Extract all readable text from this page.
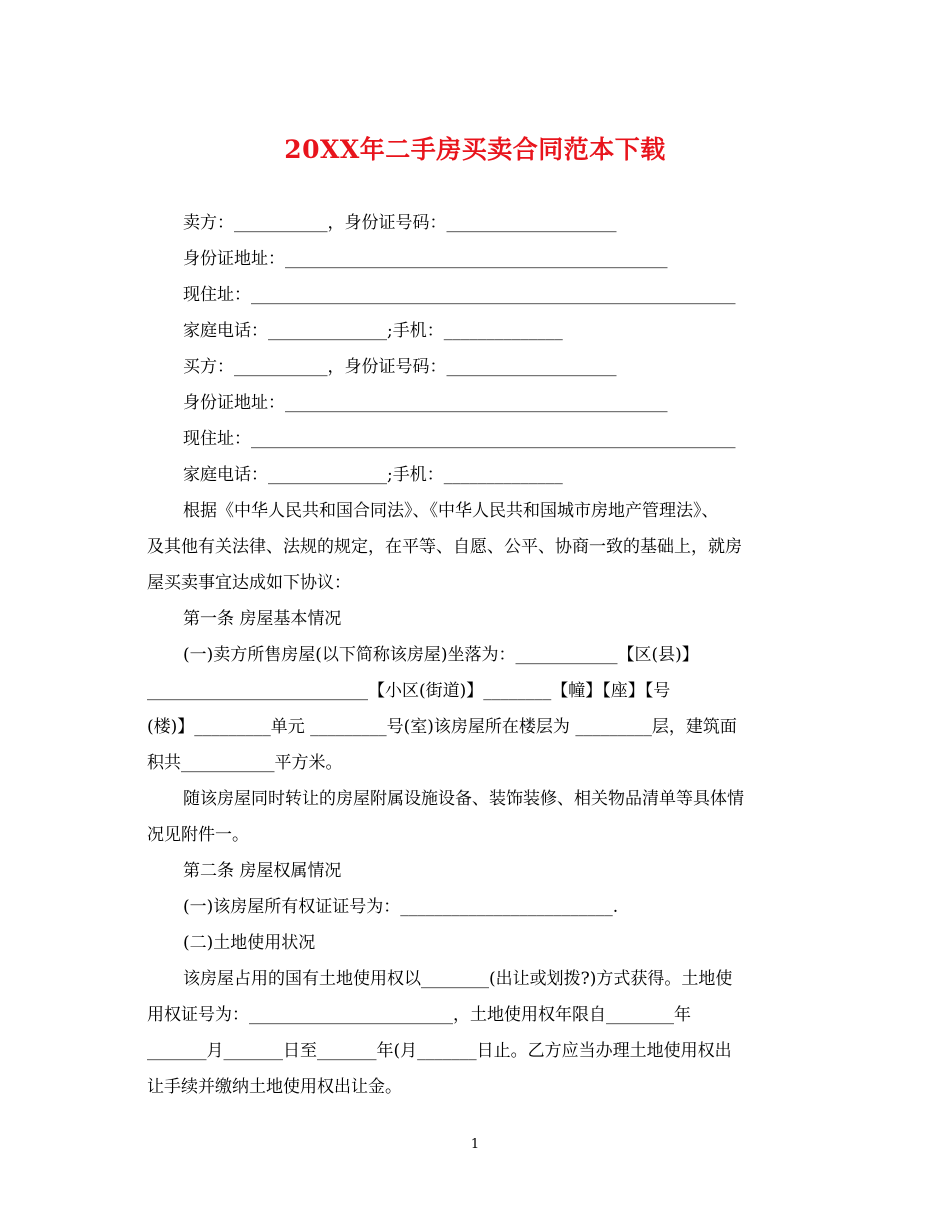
20XX年二手房买卖合同范本下载
卖方：___________，身份证号码：____________________
身份证地址：_____________________________________________
现住址：_________________________________________________________
家庭电话：______________;手机：______________
买方：___________，身份证号码：____________________
身份证地址：_____________________________________________
现住址：_________________________________________________________
家庭电话：______________;手机：______________
根据《中华人民共和国合同法》、《中华人民共和国城市房地产管理法》、
及其他有关法律、法规的规定，在平等、自愿、公平、协商一致的基础上，就房
屋买卖事宜达成如下协议：
第一条 房屋基本情况
(一)卖方所售房屋(以下简称该房屋)坐落为：____________【区(县)】
__________________________【小区(街道)】________【幢】【座】【号
(楼)】_________单元 _________号(室)该房屋所在楼层为 _________层，建筑面
积共___________平方米。
随该房屋同时转让的房屋附属设施设备、装饰装修、相关物品清单等具体情
况见附件一。
第二条 房屋权属情况
(一)该房屋所有权证证号为：_________________________.
(二)土地使用状况
该房屋占用的国有土地使用权以________(出让或划拨?)方式获得。土地使
用权证号为：________________________，土地使用权年限自________年
_______月_______日至_______年(月_______日止。乙方应当办理土地使用权出
让手续并缴纳土地使用权出让金。
1
